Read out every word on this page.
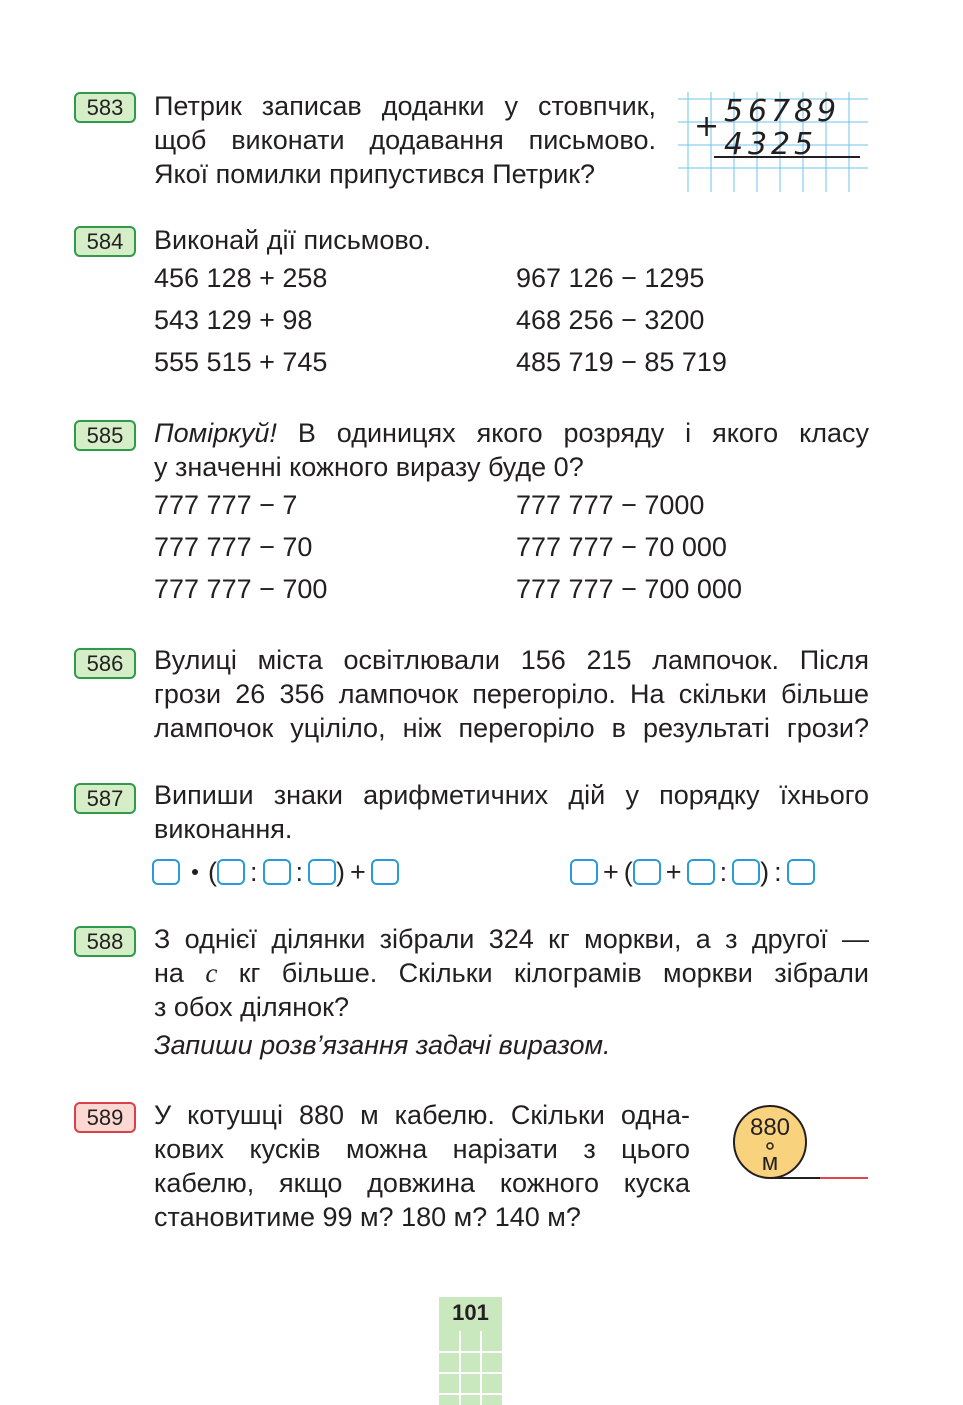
583	Петрик записав доданки у стовпчик,
щоб виконати додавання письмово.
Якої помилки припустився Петрик?
+ 5 6 7 8 9
4 3 2 5
584	Виконай дії письмово.
456 128 + 258	967 126 − 1295
543 129 + 98	468 256 − 3200
555 515 + 745	485 719 − 85 719
585	Поміркуй! В одиницях якого розряду і якого класу
у значенні кожного виразу буде 0?
777 777 − 7	777 777 − 7000
777 777 − 70	777 777 − 70 000
777 777 − 700	777 777 − 700 000
586	Вулиці міста освітлювали 156 215 лампочок. Після
грози 26 356 лампочок перегоріло. На скільки більше
лампочок уціліло, ніж перегоріло в результаті грози?
587	Випиши знаки арифметичних дій у порядку їхнього
виконання.
( : : ) +	+ ( + : ) :
588	З однієї ділянки зібрали 324 кг моркви, а з другої —
на c кг більше. Скільки кілограмів моркви зібрали
з обох ділянок?
Запиши розв’язання задачі виразом.
589	У котушці 880 м кабелю. Скільки одна-
кових кусків можна нарізати з цього
кабелю, якщо довжина кожного куска
становитиме 99 м? 180 м? 140 м?
880
м
101
